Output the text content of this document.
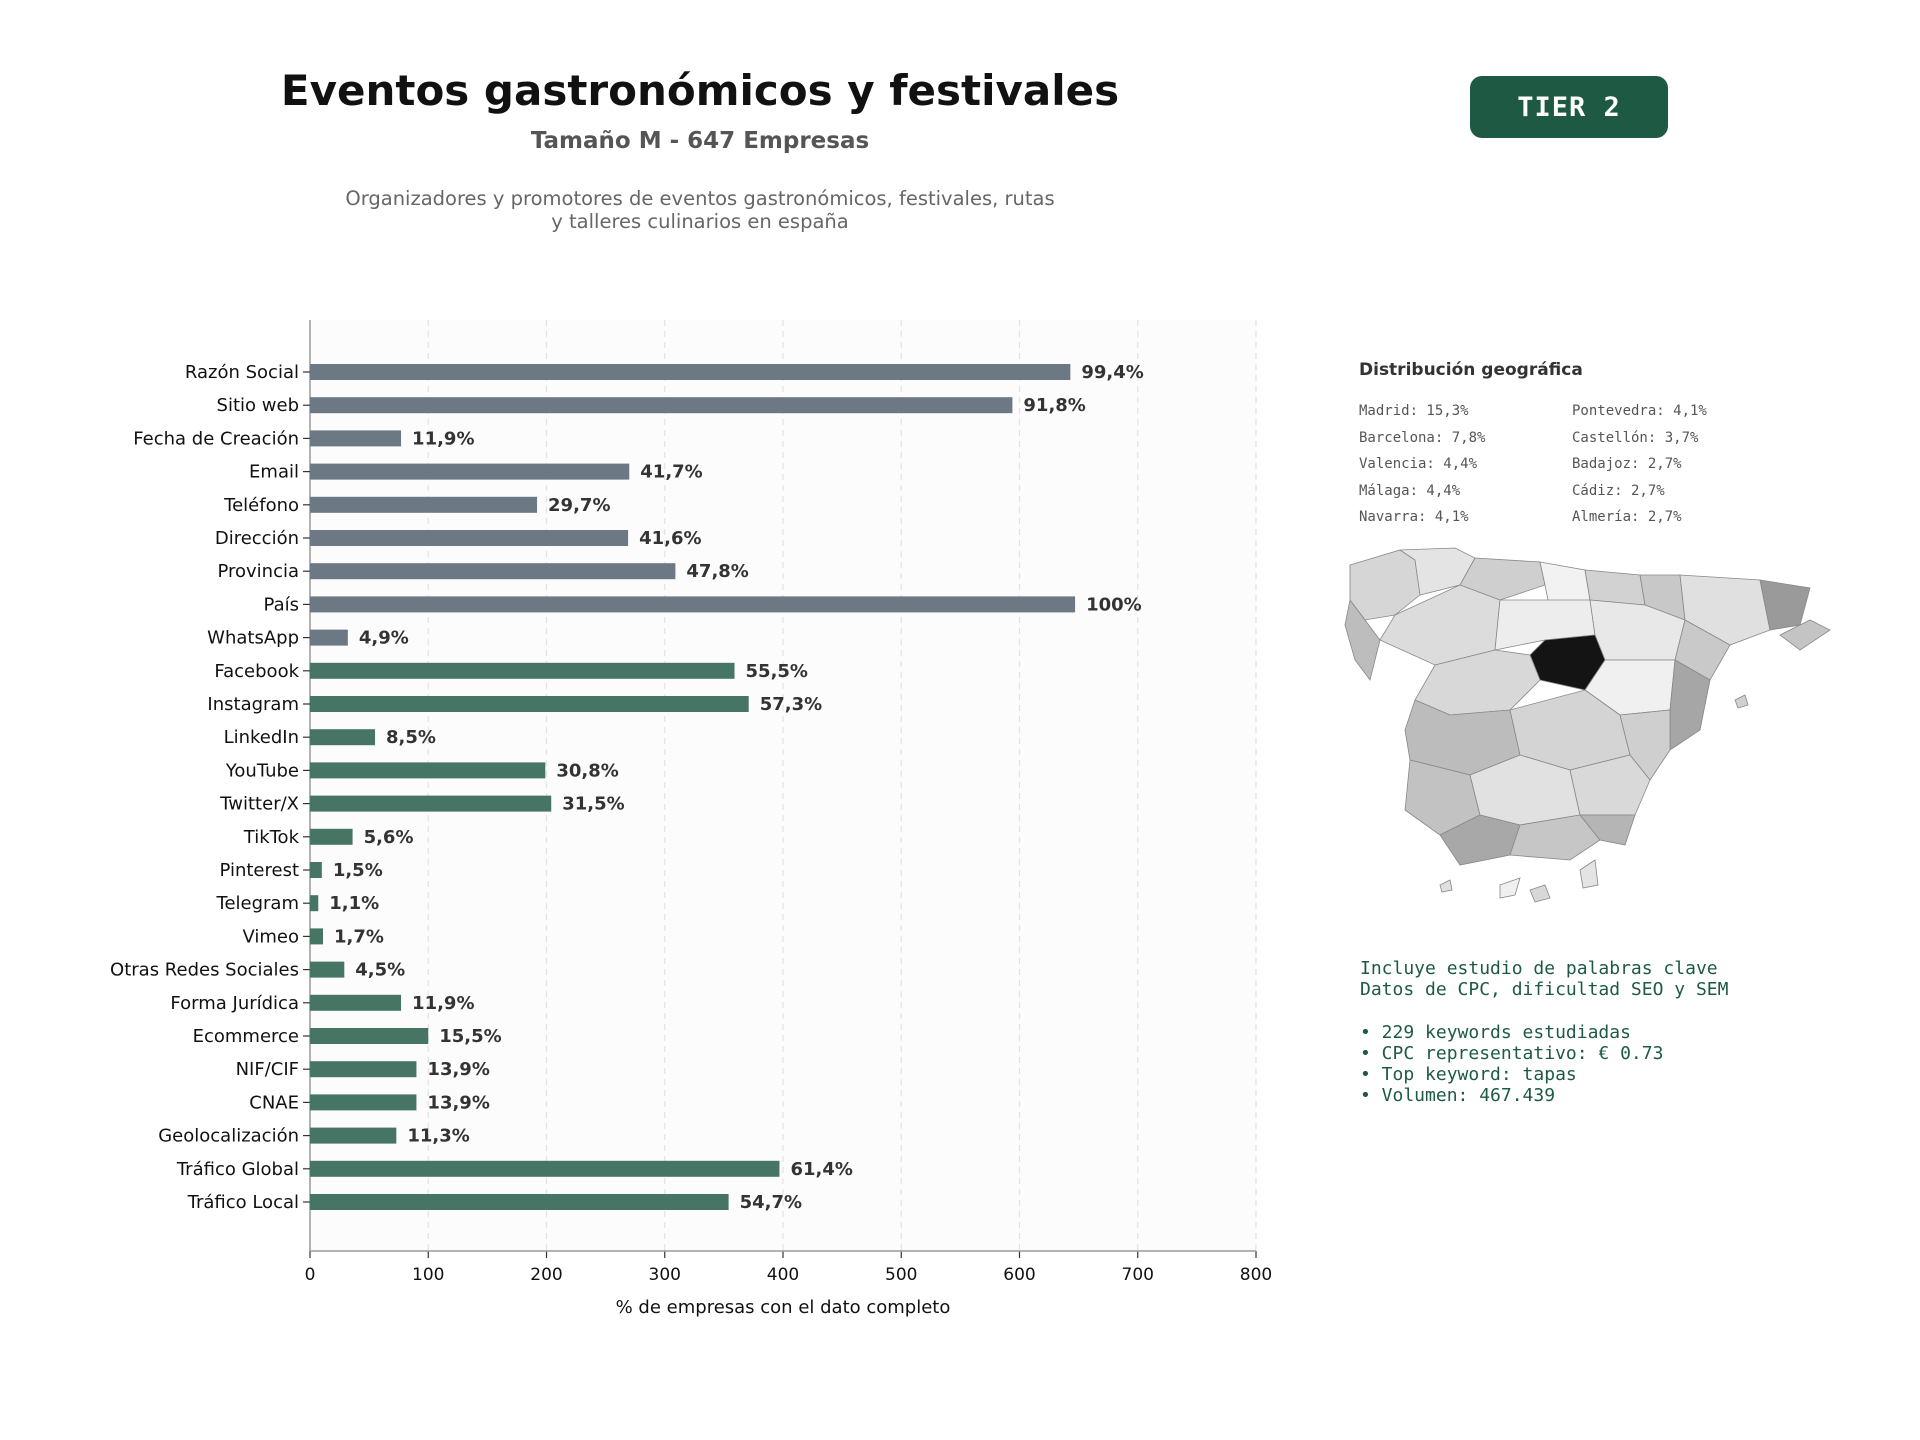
Eventos gastronómicos y festivales
Tamaño M - 647 Empresas
Organizadores y promotores de eventos gastronómicos, festivales, rutas
y talleres culinarios en españa
TIER 2
0	100	200	300	400	500	600	700	800
Razón Social	99,4%
Sitio web	91,8%
Fecha de Creación	11,9%
Email	41,7%
Teléfono	29,7%
Dirección	41,6%
Provincia	47,8%
País	100%
WhatsApp	4,9%
Facebook	55,5%
Instagram	57,3%
LinkedIn	8,5%
YouTube	30,8%
Twitter/X	31,5%
TikTok	5,6%
Pinterest 1,5%
Telegram 1,1%
Vimeo 1,7%
Otras Redes Sociales	4,5%
Forma Jurídica	11,9%
Ecommerce	15,5%
NIF/CIF	13,9%
CNAE	13,9%
Geolocalización	11,3%
Tráfico Global	61,4%
Tráfico Local	54,7%
% de empresas con el dato completo
Distribución geográfica
Madrid: 15,3%
Barcelona: 7,8%
Valencia: 4,4%
Málaga: 4,4%
Navarra: 4,1%
Pontevedra: 4,1%
Castellón: 3,7%
Badajoz: 2,7%
Cádiz: 2,7%
Almería: 2,7%
Incluye estudio de palabras clave
Datos de CPC, dificultad SEO y SEM
• 229 keywords estudiadas
• CPC representativo: € 0.73
• Top keyword: tapas
• Volumen: 467.439
